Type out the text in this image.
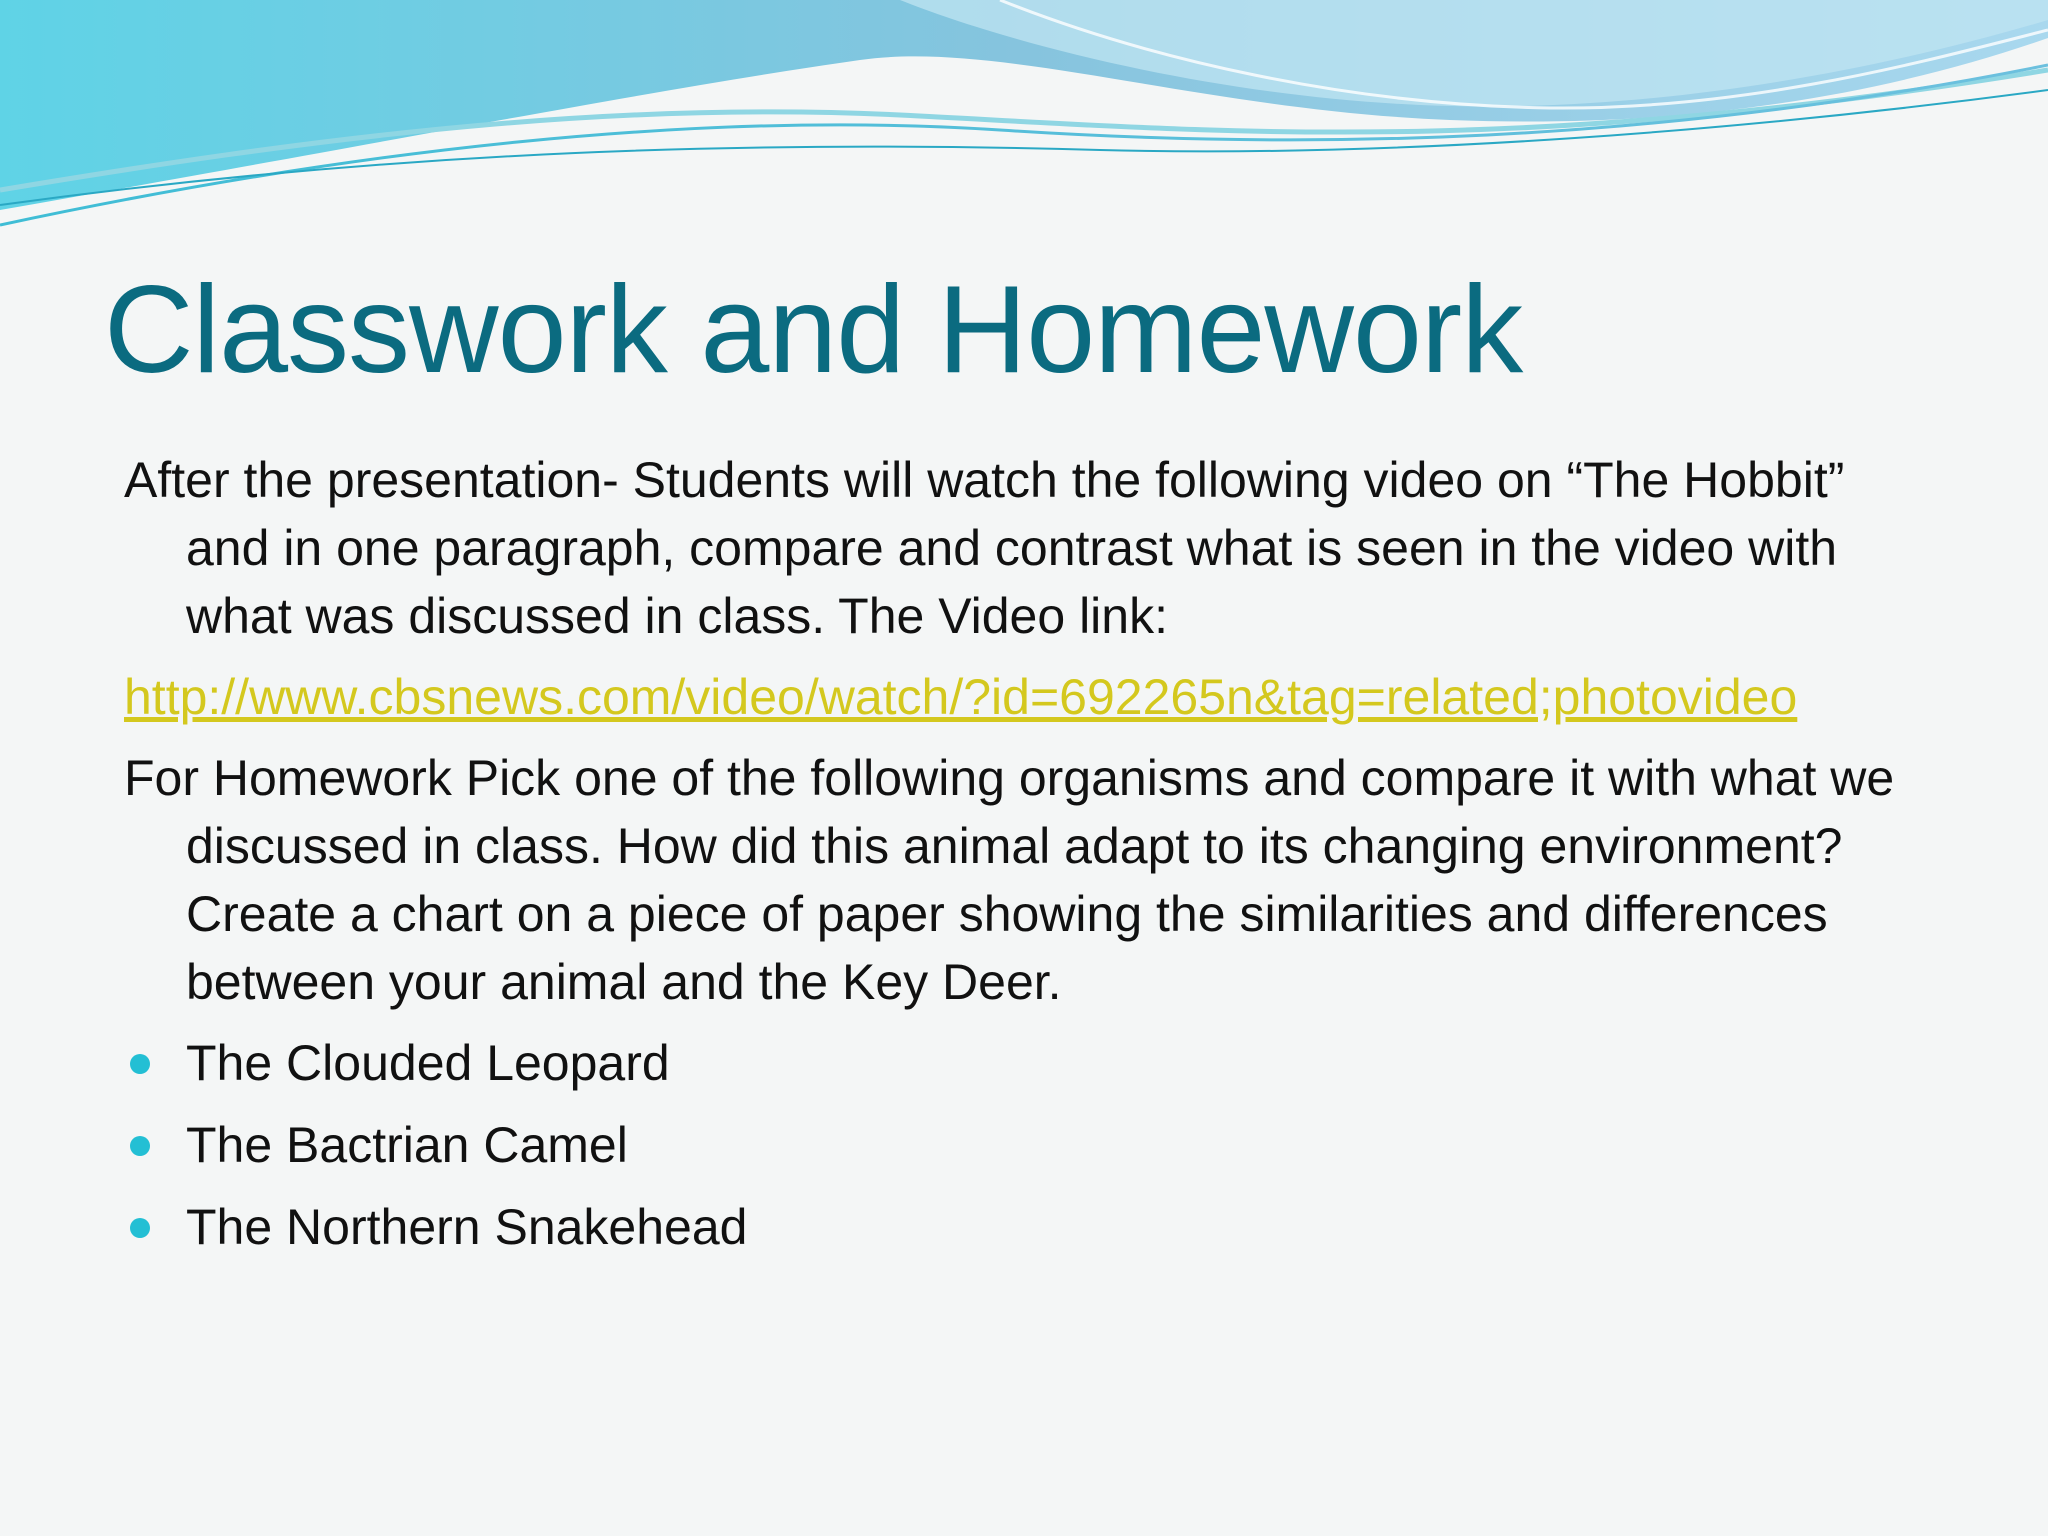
Classwork and Homework

After the presentation- Students will watch the following video on “The Hobbit” and in one paragraph, compare and contrast what is seen in the video with what was discussed in class. The Video link:

http://www.cbsnews.com/video/watch/?id=692265n&tag=related;photovideo

For Homework Pick one of the following organisms and compare it with what we discussed in class. How did this animal adapt to its changing environment? Create a chart on a piece of paper showing the similarities and differences between your animal and the Key Deer.

The Clouded Leopard
The Bactrian Camel
The Northern Snakehead
